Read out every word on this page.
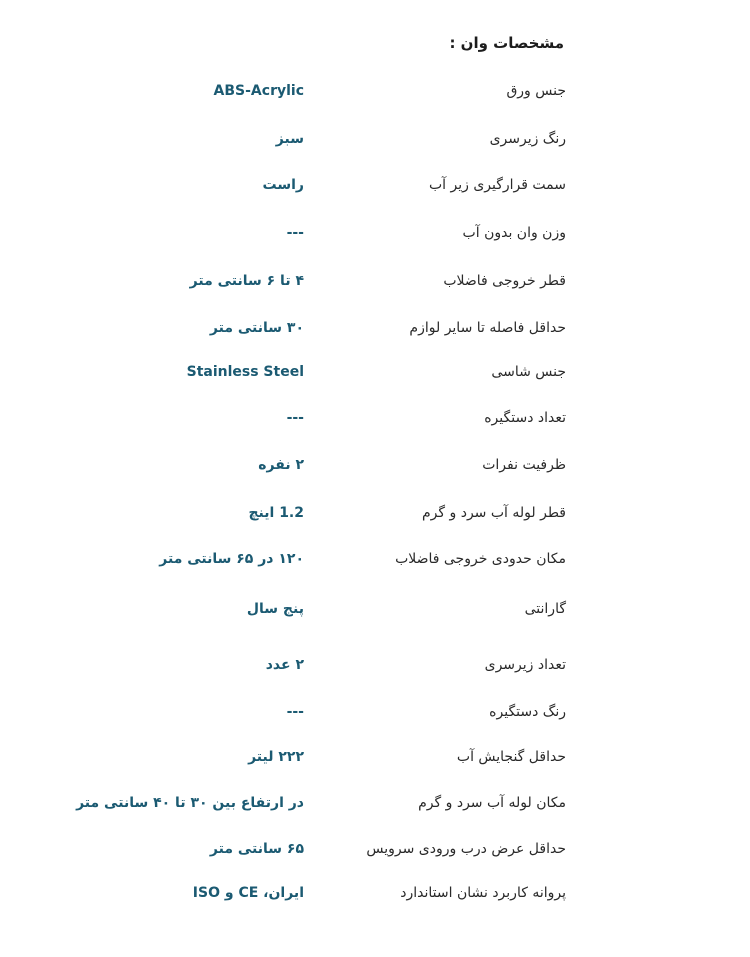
مشخصات وان :
جنس ورق
ABS-Acrylic
رنگ زیرسری
سبز
سمت قرارگیری زیر آب
راست
وزن وان بدون آب
---
قطر خروجی فاضلاب
۴ تا ۶ سانتی متر
حداقل فاصله تا سایر لوازم
۳۰ سانتی متر
جنس شاسی
Stainless Steel
تعداد دستگیره
---
ظرفیت نفرات
۲ نفره
قطر لوله آب سرد و گرم
1.2 اینچ
مکان حدودی خروجی فاضلاب
۱۲۰ در ۶۵ سانتی متر
گارانتی
پنج سال
تعداد زیرسری
۲ عدد
رنگ دستگیره
---
حداقل گنجایش آب
۲۲۲ لیتر
مکان لوله آب سرد و گرم
در ارتفاع بین ۳۰ تا ۴۰ سانتی متر
حداقل عرض درب ورودی سرویس
۶۵ سانتی متر
پروانه کاربرد نشان استاندارد
ایران، CE و ISO
